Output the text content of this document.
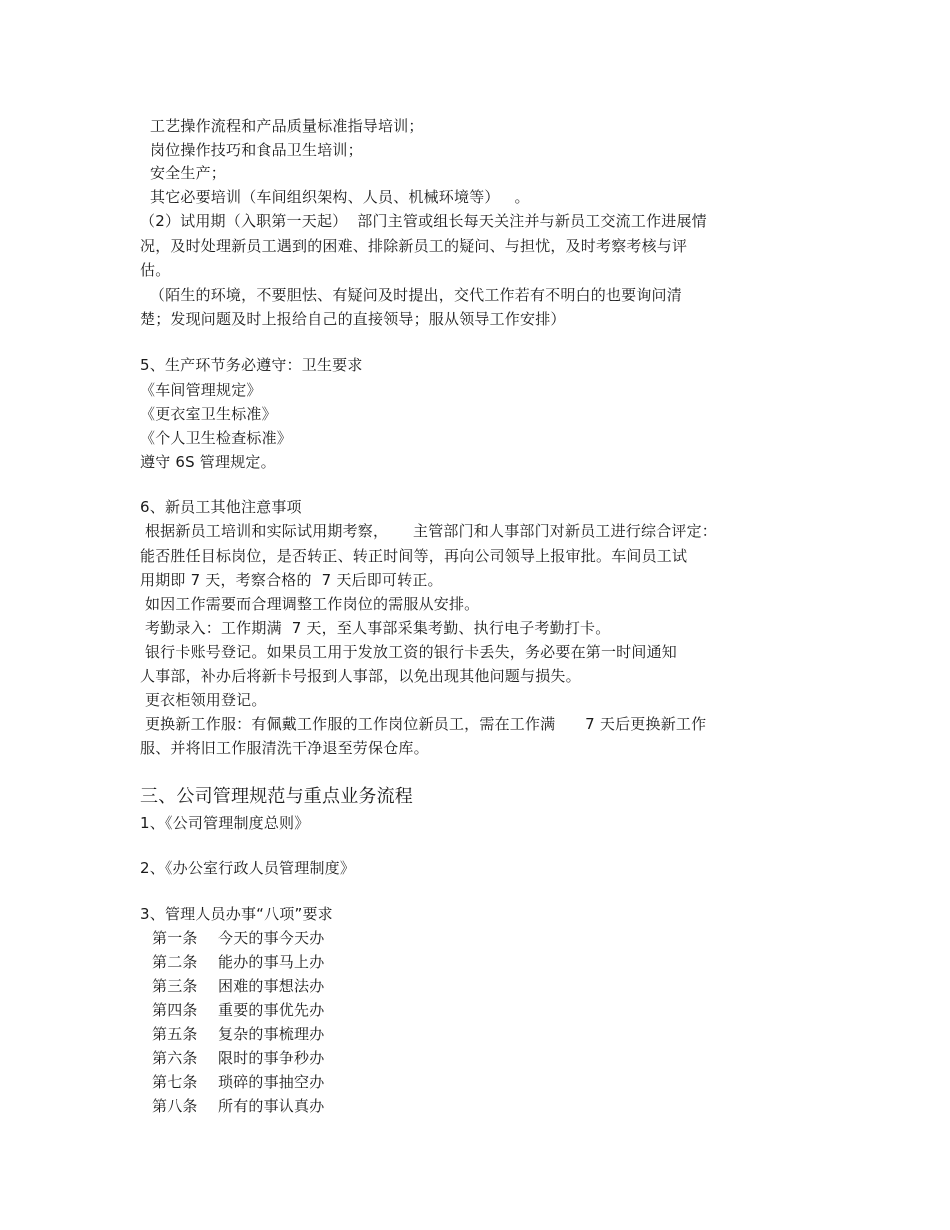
工艺操作流程和产品质量标准指导培训；
岗位操作技巧和食品卫生培训；
安全生产；
其它必要培训（车间组织架构、人员、机械环境等）   。
（2）试用期（入职第一天起）  部门主管或组长每天关注并与新员工交流工作进展情
况，及时处理新员工遇到的困难、排除新员工的疑问、与担忧，及时考察考核与评
估。
（陌生的环境，不要胆怯、有疑问及时提出，交代工作若有不明白的也要询问清
楚；发现问题及时上报给自己的直接领导；服从领导工作安排）
5、生产环节务必遵守：卫生要求
《车间管理规定》
《更衣室卫生标准》
《个人卫生检查标准》
遵守 6S 管理规定。
6、新员工其他注意事项
根据新员工培训和实际试用期考察，     主管部门和人事部门对新员工进行综合评定：
能否胜任目标岗位，是否转正、转正时间等，再向公司领导上报审批。车间员工试
用期即 7 天，考察合格的  7 天后即可转正。
如因工作需要而合理调整工作岗位的需服从安排。
考勤录入：工作期满  7 天，至人事部采集考勤、执行电子考勤打卡。
银行卡账号登记。如果员工用于发放工资的银行卡丢失，务必要在第一时间通知
人事部，补办后将新卡号报到人事部，以免出现其他问题与损失。
更衣柜领用登记。
更换新工作服：有佩戴工作服的工作岗位新员工，需在工作满      7 天后更换新工作
服、并将旧工作服清洗干净退至劳保仓库。
三、公司管理规范与重点业务流程
1、《公司管理制度总则》
2、《办公室行政人员管理制度》
3、管理人员办事“八项”要求
第一条 今天的事今天办
第二条 能办的事马上办
第三条 困难的事想法办
第四条 重要的事优先办
第五条 复杂的事梳理办
第六条 限时的事争秒办
第七条 琐碎的事抽空办
第八条 所有的事认真办
